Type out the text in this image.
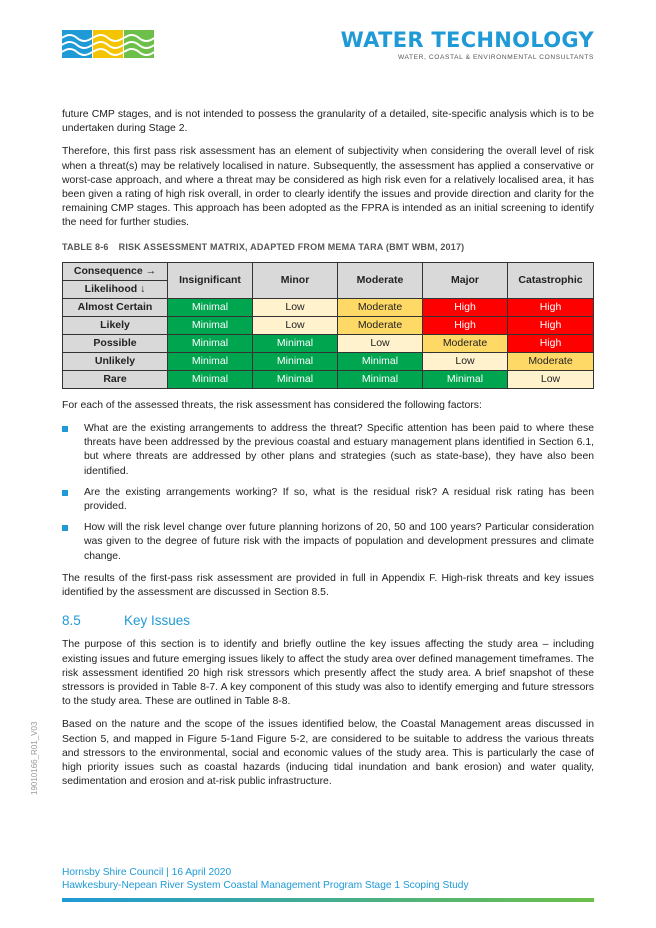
WATER TECHNOLOGY
WATER, COASTAL & ENVIRONMENTAL CONSULTANTS

future CMP stages, and is not intended to possess the granularity of a detailed, site-specific analysis which is to be undertaken during Stage 2.

Therefore, this first pass risk assessment has an element of subjectivity when considering the overall level of risk when a threat(s) may be relatively localised in nature. Subsequently, the assessment has applied a conservative or worst-case approach, and where a threat may be considered as high risk even for a relatively localised area, it has been given a rating of high risk overall, in order to clearly identify the issues and provide direction and clarity for the remaining CMP stages. This approach has been adopted as the FPRA is intended as an initial screening to identify the need for further studies.

TABLE 8-6 RISK ASSESSMENT MATRIX, ADAPTED FROM MEMA TARA (BMT WBM, 2017)
Consequence →	Insignificant	Minor	Moderate	Major	Catastrophic
Likelihood ↓					
Almost Certain	Minimal	Low	Moderate	High	High
Likely	Minimal	Low	Moderate	High	High
Possible	Minimal	Minimal	Low	Moderate	High
Unlikely	Minimal	Minimal	Minimal	Low	Moderate
Rare	Minimal	Minimal	Minimal	Minimal	Low

For each of the assessed threats, the risk assessment has considered the following factors:

What are the existing arrangements to address the threat? Specific attention has been paid to where these threats have been addressed by the previous coastal and estuary management plans identified in Section 6.1, but where threats are addressed by other plans and strategies (such as state-base), they have also been identified.
Are the existing arrangements working? If so, what is the residual risk? A residual risk rating has been provided.
How will the risk level change over future planning horizons of 20, 50 and 100 years? Particular consideration was given to the degree of future risk with the impacts of population and development pressures and climate change.

The results of the first-pass risk assessment are provided in full in Appendix F. High-risk threats and key issues identified by the assessment are discussed in Section 8.5.

8.5	Key Issues

The purpose of this section is to identify and briefly outline the key issues affecting the study area – including existing issues and future emerging issues likely to affect the study area over defined management timeframes. The risk assessment identified 20 high risk stressors which presently affect the study area. A brief snapshot of these stressors is provided in Table 8-7. A key component of this study was also to identify emerging and future stressors to the study area. These are outlined in Table 8-8.

Based on the nature and the scope of the issues identified below, the Coastal Management areas discussed in Section 5, and mapped in Figure 5-1and Figure 5-2, are considered to be suitable to address the various threats and stressors to the environmental, social and economic values of the study area. This is particularly the case of high priority issues such as coastal hazards (inducing tidal inundation and bank erosion) and water quality, sedimentation and erosion and at-risk public infrastructure.

19010166_R01_V03
Hornsby Shire Council | 16 April 2020
Hawkesbury-Nepean River System Coastal Management Program Stage 1 Scoping Study
